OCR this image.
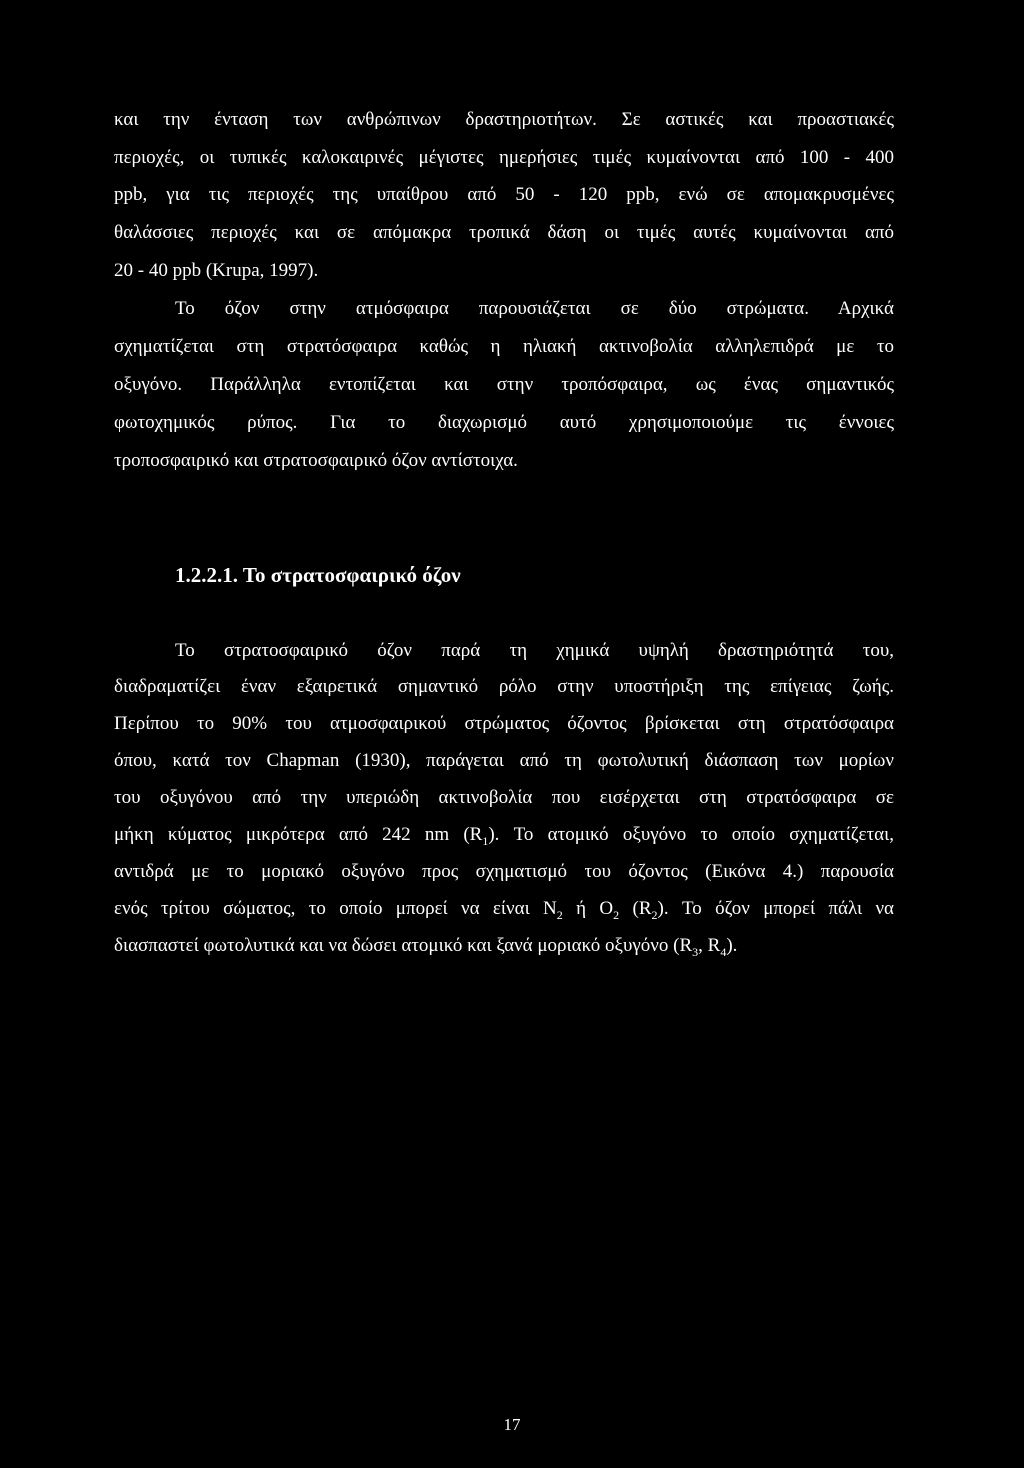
και την ένταση των ανθρώπινων δραστηριοτήτων. Σε αστικές και προαστιακές
περιοχές, οι τυπικές καλοκαιρινές μέγιστες ημερήσιες τιμές κυμαίνονται από 100 - 400
ppb, για τις περιοχές της υπαίθρου από 50 - 120 ppb, ενώ σε απομακρυσμένες
θαλάσσιες περιοχές και σε απόμακρα τροπικά δάση οι τιμές αυτές κυμαίνονται από
20 - 40 ppb (Krupa, 1997).
Το όζον στην ατμόσφαιρα παρουσιάζεται σε δύο στρώματα. Αρχικά
σχηματίζεται στη στρατόσφαιρα καθώς η ηλιακή ακτινοβολία αλληλεπιδρά με το
οξυγόνο. Παράλληλα εντοπίζεται και στην τροπόσφαιρα, ως ένας σημαντικός
φωτοχημικός ρύπος. Για το διαχωρισμό αυτό χρησιμοποιούμε τις έννοιες
τροποσφαιρικό και στρατοσφαιρικό όζον αντίστοιχα.
1.2.2.1. Το στρατοσφαιρικό όζον
Το στρατοσφαιρικό όζον παρά τη χημικά υψηλή δραστηριότητά του,
διαδραματίζει έναν εξαιρετικά σημαντικό ρόλο στην υποστήριξη της επίγειας ζωής.
Περίπου το 90% του ατμοσφαιρικού στρώματος όζοντος βρίσκεται στη στρατόσφαιρα
όπου, κατά τον Chapman (1930), παράγεται από τη φωτολυτική διάσπαση των μορίων
του οξυγόνου από την υπεριώδη ακτινοβολία που εισέρχεται στη στρατόσφαιρα σε
μήκη κύματος μικρότερα από 242 nm $(R_1)$. Το ατομικό οξυγόνο το οποίο σχηματίζεται,
αντιδρά με το μοριακό οξυγόνο προς σχηματισμό του όζοντος (Εικόνα 4.) παρουσία
ενός τρίτου σώματος, το οποίο μπορεί να είναι $N_2$ ή $O_2$ $(R_2)$. Το όζον μπορεί πάλι να
διασπαστεί φωτολυτικά και να δώσει ατομικό και ξανά μοριακό οξυγόνο ($R_3$, $R_4$).
17
